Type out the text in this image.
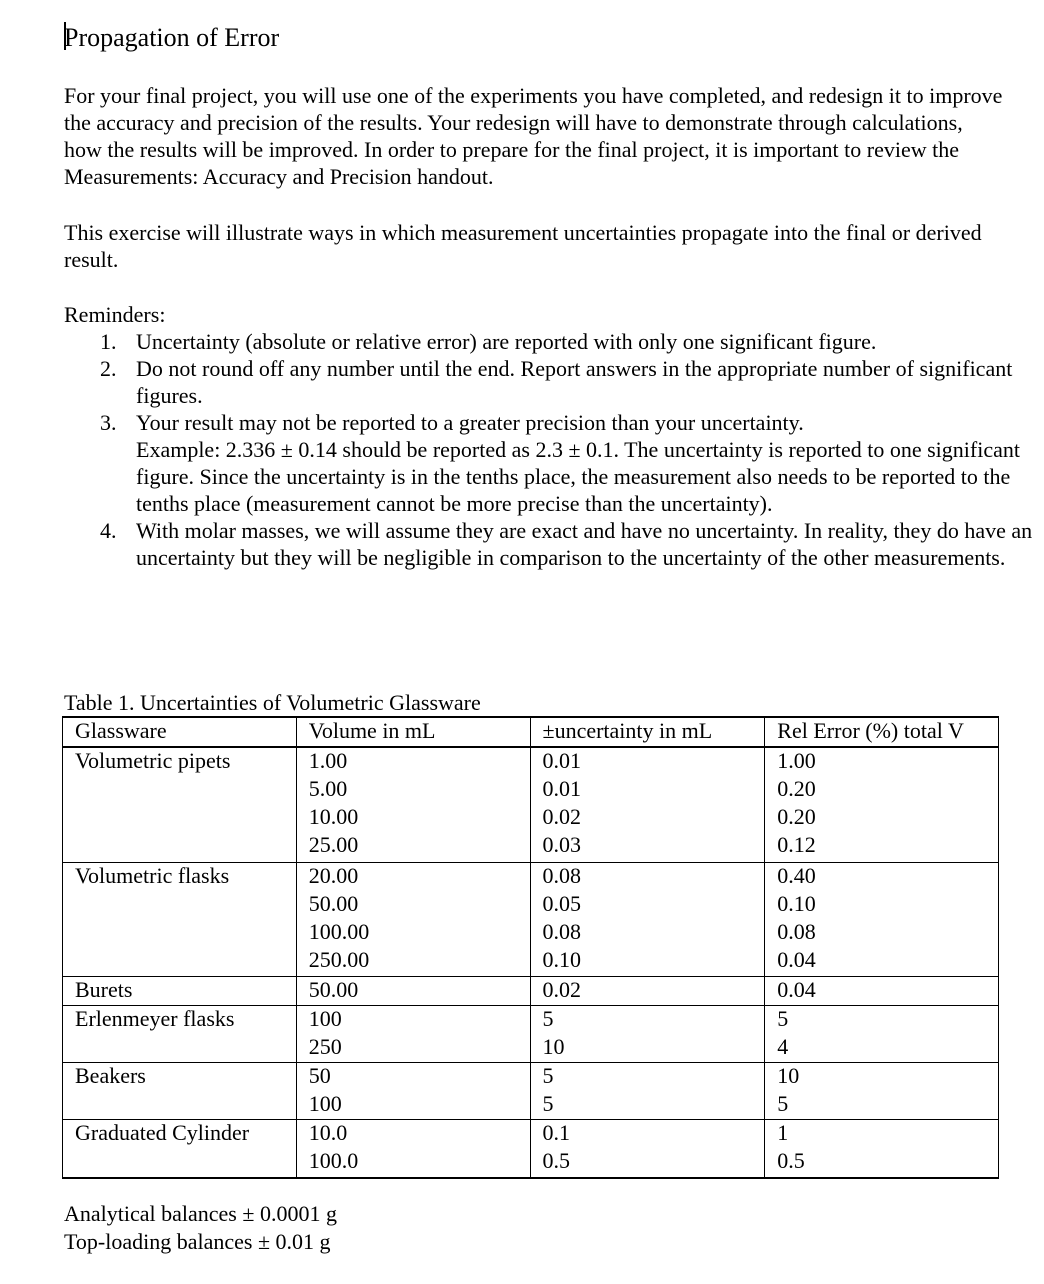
Propagation of Error

For your final project, you will use one of the experiments you have completed, and redesign it to improve the accuracy and precision of the results. Your redesign will have to demonstrate through calculations, how the results will be improved. In order to prepare for the final project, it is important to review the Measurements: Accuracy and Precision handout.

This exercise will illustrate ways in which measurement uncertainties propagate into the final or derived result.

Reminders:
1. Uncertainty (absolute or relative error) are reported with only one significant figure.
2. Do not round off any number until the end. Report answers in the appropriate number of significant figures.
3. Your result may not be reported to a greater precision than your uncertainty.
Example: 2.336 ± 0.14 should be reported as 2.3 ± 0.1. The uncertainty is reported to one significant figure. Since the uncertainty is in the tenths place, the measurement also needs to be reported to the tenths place (measurement cannot be more precise than the uncertainty).
4. With molar masses, we will assume they are exact and have no uncertainty. In reality, they do have an uncertainty but they will be negligible in comparison to the uncertainty of the other measurements.
Table 1. Uncertainties of Volumetric Glassware
Glassware	Volume in mL	±uncertainty in mL	Rel Error (%) total V
Volumetric pipets	1.00	0.01	1.00
	5.00	0.01	0.20
	10.00	0.02	0.20
	25.00	0.03	0.12
Volumetric flasks	20.00	0.08	0.40
	50.00	0.05	0.10
	100.00	0.08	0.08
	250.00	0.10	0.04
Burets	50.00	0.02	0.04
Erlenmeyer flasks	100	5	5
	250	10	4
Beakers	50	5	10
	100	5	5
Graduated Cylinder	10.0	0.1	1
	100.0	0.5	0.5
Analytical balances ± 0.0001 g
Top-loading balances ± 0.01 g
